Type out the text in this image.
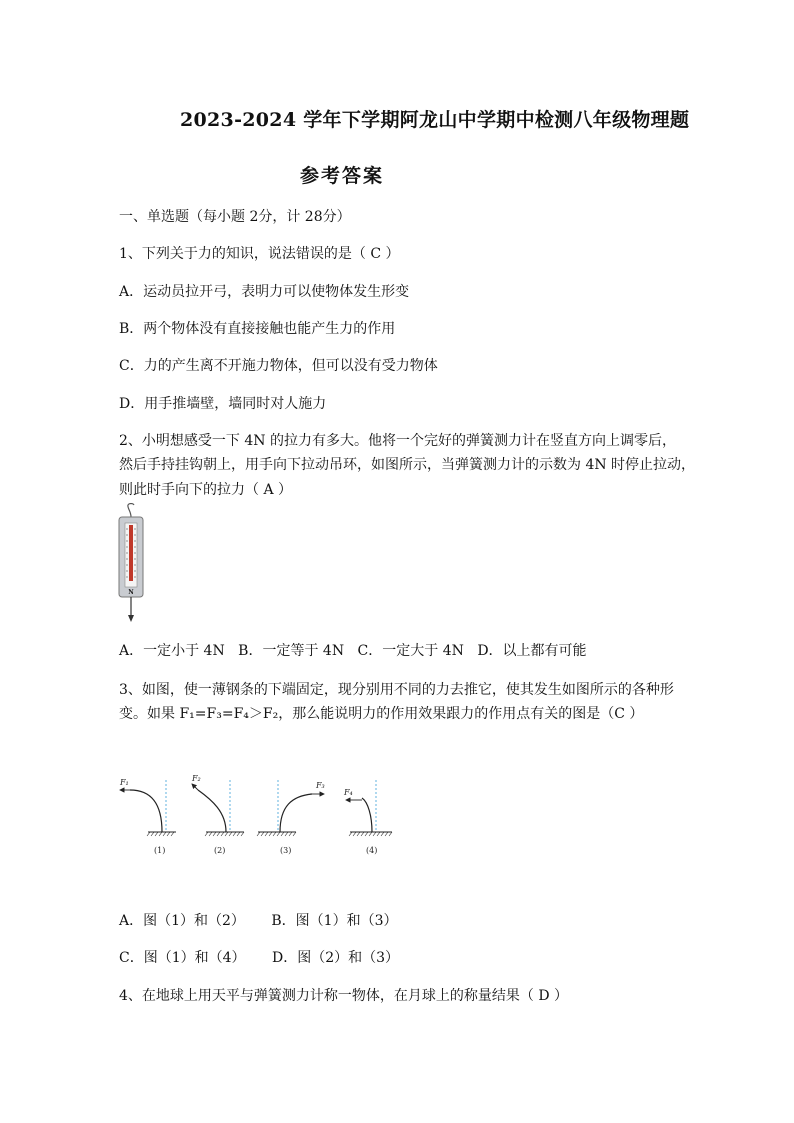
2023-2024 学年下学期阿龙山中学期中检测八年级物理题
参考答案
一、单选题（每小题 2分，计 28分）
1、下列关于力的知识，说法错误的是（ C ）
A．运动员拉开弓，表明力可以使物体发生形变
B．两个物体没有直接接触也能产生力的作用
C．力的产生离不开施力物体，但可以没有受力物体
D．用手推墙壁，墙同时对人施力
2、小明想感受一下 4N 的拉力有多大。他将一个完好的弹簧测力计在竖直方向上调零后，
然后手持挂钩朝上，用手向下拉动吊环，如图所示，当弹簧测力计的示数为 4N 时停止拉动，
则此时手向下的拉力（ A ）
N
A．一定小于 4N B．一定等于 4N C．一定大于 4N D．以上都有可能
3、如图，使一薄钢条的下端固定，现分别用不同的力去推它，使其发生如图所示的各种形
变。如果 F₁=F₃=F₄＞F₂，那么能说明力的作用效果跟力的作用点有关的图是（C ）
F₁
(1)
F₂
(2)
F₃
(3)
F₄
(4)
A．图（1）和（2） B．图（1）和（3）
C．图（1）和（4） D．图（2）和（3）
4、在地球上用天平与弹簧测力计称一物体，在月球上的称量结果（ D ）
